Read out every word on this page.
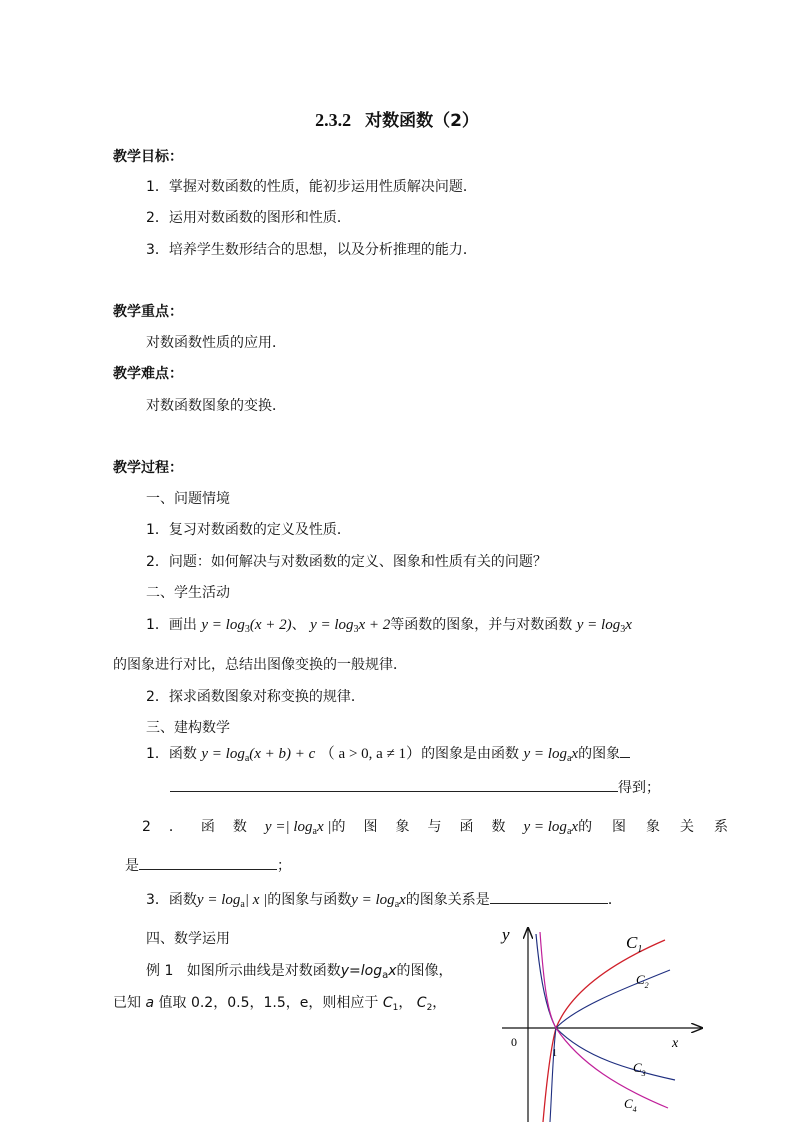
2.3.2 对数函数（2）
教学目标：
1．掌握对数函数的性质，能初步运用性质解决问题．
2．运用对数函数的图形和性质．
3．培养学生数形结合的思想，以及分析推理的能力．
教学重点：
对数函数性质的应用．
教学难点：
对数函数图象的变换．
教学过程：
一、问题情境
1．复习对数函数的定义及性质．
2．问题：如何解决与对数函数的定义、图象和性质有关的问题？
二、学生活动
1．画出 $y = \log_3(x + 2)$、 $y = \log_3x + 2$等函数的图象，并与对数函数 $y = \log_3x$
的图象进行对比，总结出图像变换的一般规律．
2．探求函数图象对称变换的规律．
三、建构数学
1．函数 $y = \log_a(x + b) + c$ （ a > 0, a ≠ 1）的图象是由函数 $y = \log_ax$的图象
得到；
2．函数 y =| $\log_ax$ | 的图象与函数 $y = \log_ax$ 的图象关系
是	；
3．函数$y = \log_a|$ x |的图象与函数$y = \log_ax$的图象关系是	．
四、数学运用
例 1 如图所示曲线是对数函数$y=\log_ax$的图像，
已知 a 值取 0.2，0.5，1.5，e，则相应于 $C_1$， $C_2$，
y
x
0
1
$C_1$
$C_2$
$C_3$
$C_4$
